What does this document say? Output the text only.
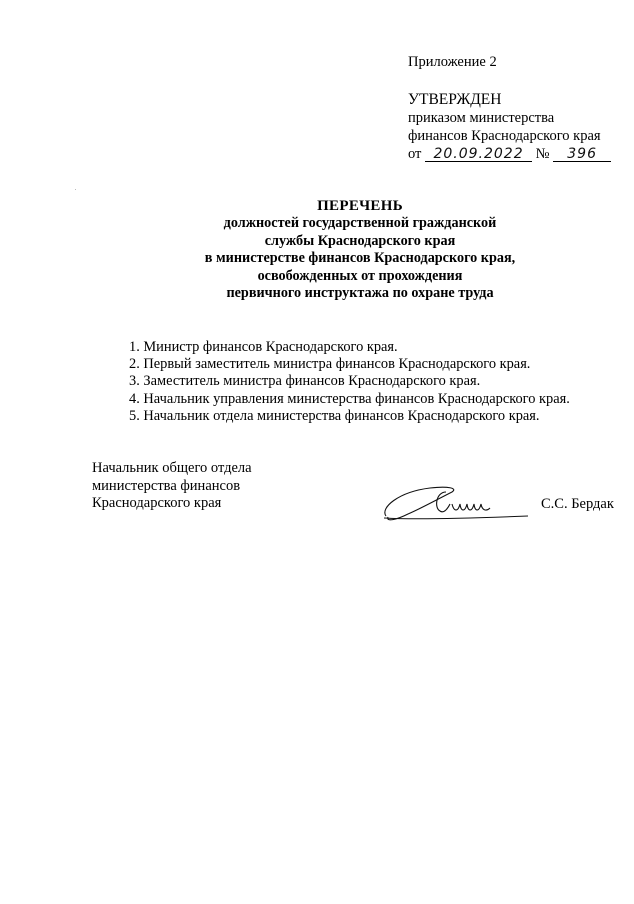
Приложение 2

УТВЕРЖДЕН
приказом министерства
финансов Краснодарского края
от 20.09.2022 № 396
ПЕРЕЧЕНЬ
должностей государственной гражданской
службы Краснодарского края
в министерстве финансов Краснодарского края,
освобожденных от прохождения
первичного инструктажа по охране труда
1. Министр финансов Краснодарского края.
2. Первый заместитель министра финансов Краснодарского края.
3. Заместитель министра финансов Краснодарского края.
4. Начальник управления министерства финансов Краснодарского края.
5. Начальник отдела министерства финансов Краснодарского края.
Начальник общего отдела
министерства финансов
Краснодарского края	С.С. Бердак
